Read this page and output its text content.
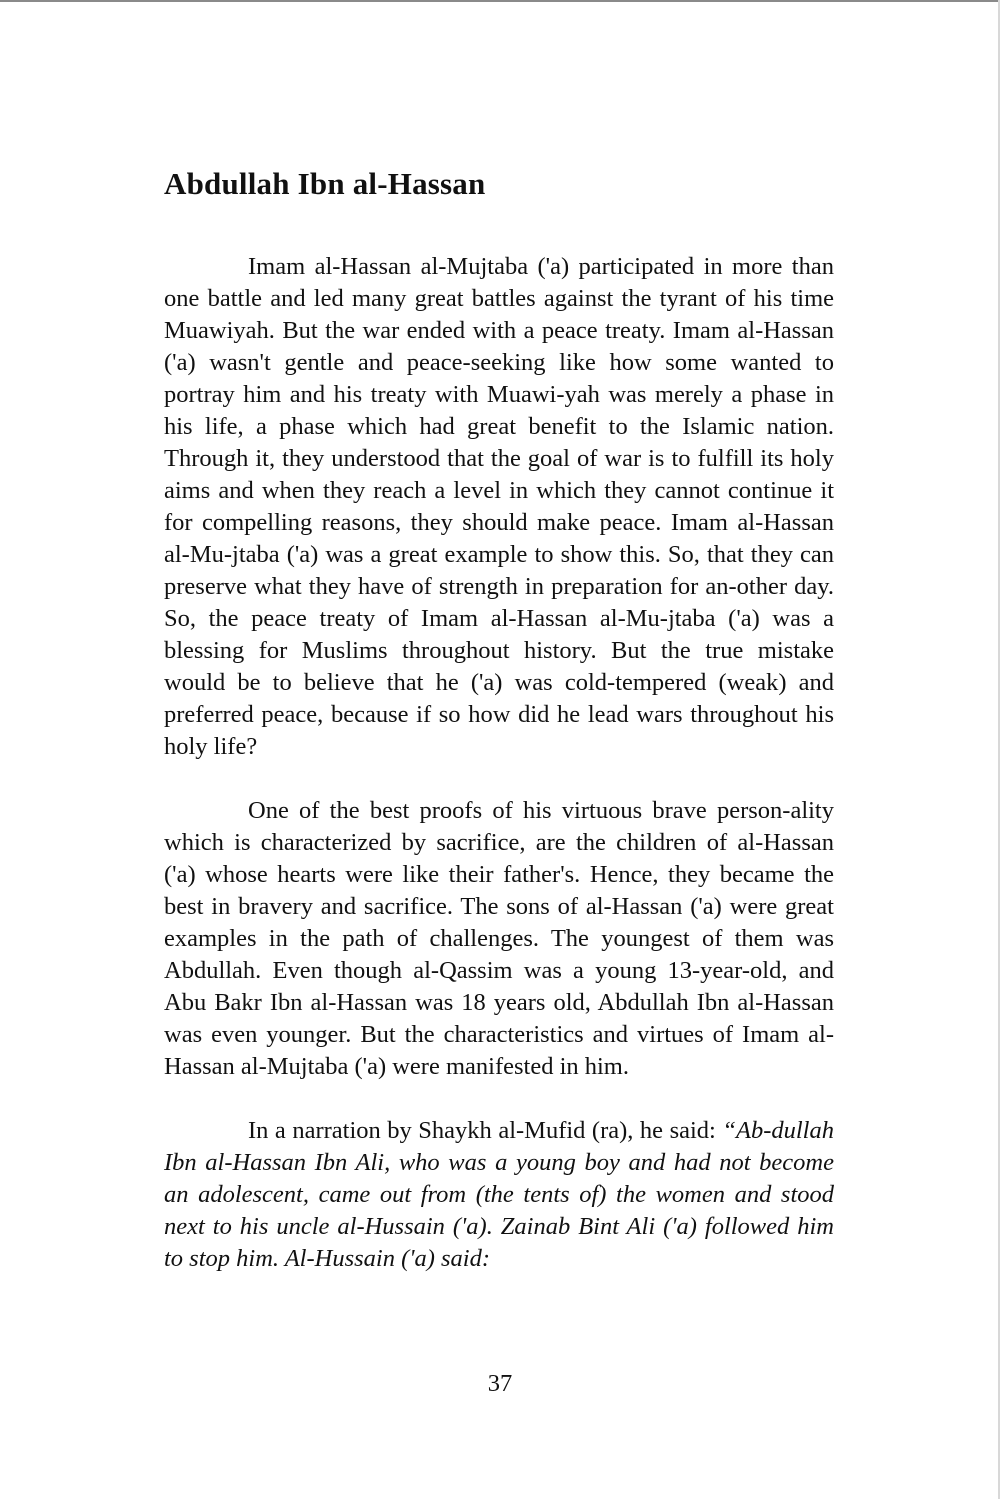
Abdullah Ibn al-Hassan

Imam al-Hassan al-Mujtaba ('a) participated in more than one battle and led many great battles against the tyrant of his time Muawiyah. But the war ended with a peace treaty. Imam al-Hassan ('a) wasn't gentle and peace-seeking like how some wanted to portray him and his treaty with Muawi-yah was merely a phase in his life, a phase which had great benefit to the Islamic nation. Through it, they understood that the goal of war is to fulfill its holy aims and when they reach a level in which they cannot continue it for compelling reasons, they should make peace. Imam al-Hassan al-Mu-jtaba ('a) was a great example to show this. So, that they can preserve what they have of strength in preparation for an-other day. So, the peace treaty of Imam al-Hassan al-Mu-jtaba ('a) was a blessing for Muslims throughout history. But the true mistake would be to believe that he ('a) was cold-tempered (weak) and preferred peace, because if so how did he lead wars throughout his holy life?

One of the best proofs of his virtuous brave person-ality which is characterized by sacrifice, are the children of al-Hassan ('a) whose hearts were like their father's. Hence, they became the best in bravery and sacrifice. The sons of al-Hassan ('a) were great examples in the path of challenges. The youngest of them was Abdullah. Even though al-Qassim was a young 13-year-old, and Abu Bakr Ibn al-Hassan was 18 years old, Abdullah Ibn al-Hassan was even younger. But the characteristics and virtues of Imam al-Hassan al-Mujtaba ('a) were manifested in him.

In a narration by Shaykh al-Mufid (ra), he said: “Ab-dullah Ibn al-Hassan Ibn Ali, who was a young boy and had not become an adolescent, came out from (the tents of) the women and stood next to his uncle al-Hussain ('a). Zainab Bint Ali ('a) followed him to stop him. Al-Hussain ('a) said:

37
